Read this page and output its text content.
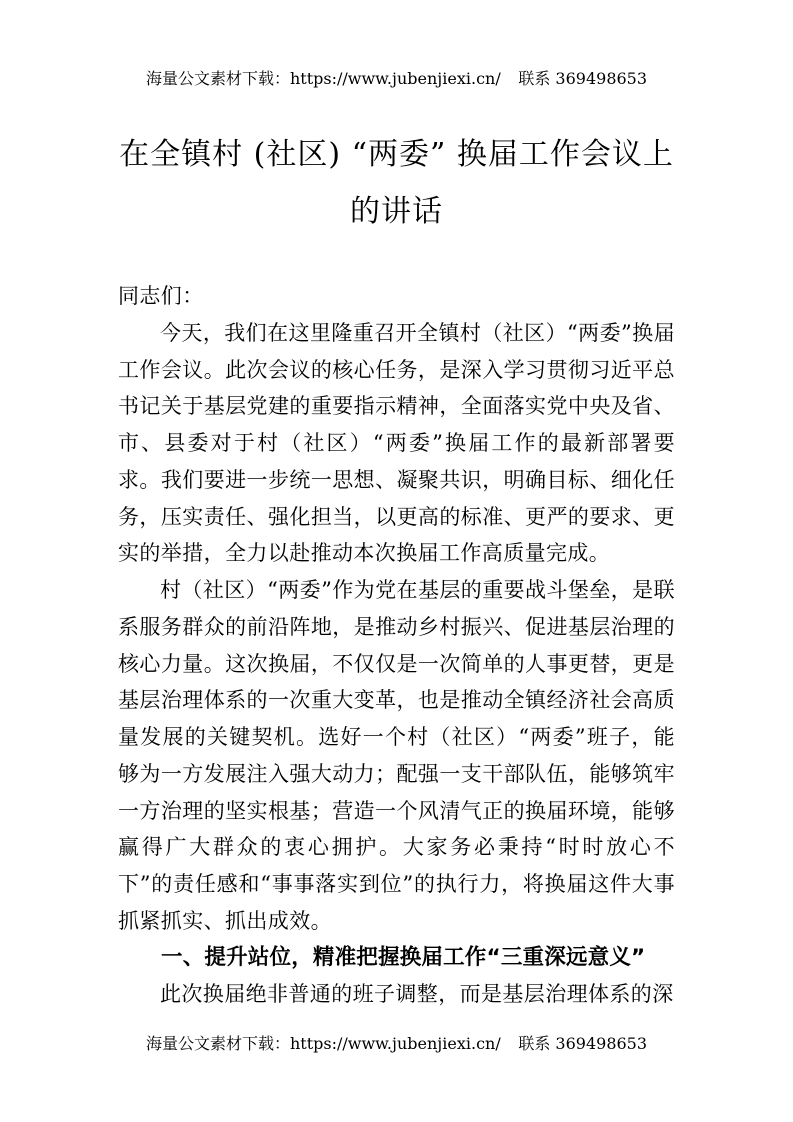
海量公文素材下载：https://www.jubenjiexi.cn/ 联系 369498653
在全镇村 (社区) “两委” 换届工作会议上
的讲话

同志们：

今天，我们在这里隆重召开全镇村（社区）“两委”换届工作会议。此次会议的核心任务，是深入学习贯彻习近平总书记关于基层党建的重要指示精神，全面落实党中央及省、市、县委对于村（社区）“两委”换届工作的最新部署要求。我们要进一步统一思想、凝聚共识，明确目标、细化任务，压实责任、强化担当，以更高的标准、更严的要求、更实的举措，全力以赴推动本次换届工作高质量完成。

村（社区）“两委”作为党在基层的重要战斗堡垒，是联系服务群众的前沿阵地，是推动乡村振兴、促进基层治理的核心力量。这次换届，不仅仅是一次简单的人事更替，更是基层治理体系的一次重大变革，也是推动全镇经济社会高质量发展的关键契机。选好一个村（社区）“两委”班子，能够为一方发展注入强大动力；配强一支干部队伍，能够筑牢一方治理的坚实根基；营造一个风清气正的换届环境，能够赢得广大群众的衷心拥护。大家务必秉持“时时放心不下”的责任感和“事事落实到位”的执行力，将换届这件大事抓紧抓实、抓出成效。

一、提升站位，精准把握换届工作“三重深远意义”

此次换届绝非普通的班子调整，而是基层治理体系的深

海量公文素材下载：https://www.jubenjiexi.cn/ 联系 369498653
